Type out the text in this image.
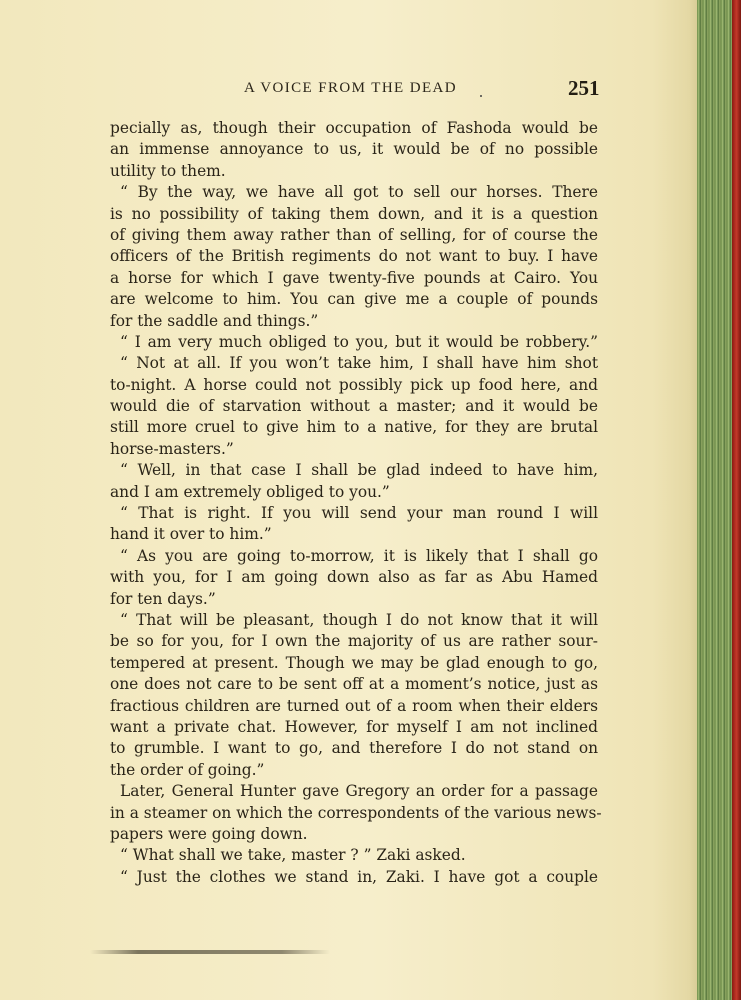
A VOICE FROM THE DEAD	251
pecially as, though their occupation of Fashoda would be
an immense annoyance to us, it would be of no possible
utility to them.
“ By the way, we have all got to sell our horses. There
is no possibility of taking them down, and it is a question
of giving them away rather than of selling, for of course the
officers of the British regiments do not want to buy. I have
a horse for which I gave twenty-five pounds at Cairo. You
are welcome to him. You can give me a couple of pounds
for the saddle and things.”
“ I am very much obliged to you, but it would be robbery.”
“ Not at all. If you won’t take him, I shall have him shot
to-night. A horse could not possibly pick up food here, and
would die of starvation without a master; and it would be
still more cruel to give him to a native, for they are brutal
horse-masters.”
“ Well, in that case I shall be glad indeed to have him,
and I am extremely obliged to you.”
“ That is right. If you will send your man round I will
hand it over to him.”
“ As you are going to-morrow, it is likely that I shall go
with you, for I am going down also as far as Abu Hamed
for ten days.”
“ That will be pleasant, though I do not know that it will
be so for you, for I own the majority of us are rather sour-
tempered at present. Though we may be glad enough to go,
one does not care to be sent off at a moment’s notice, just as
fractious children are turned out of a room when their elders
want a private chat. However, for myself I am not inclined
to grumble. I want to go, and therefore I do not stand on
the order of going.”
Later, General Hunter gave Gregory an order for a passage
in a steamer on which the correspondents of the various news-
papers were going down.
“ What shall we take, master ? ” Zaki asked.
“ Just the clothes we stand in, Zaki. I have got a couple
